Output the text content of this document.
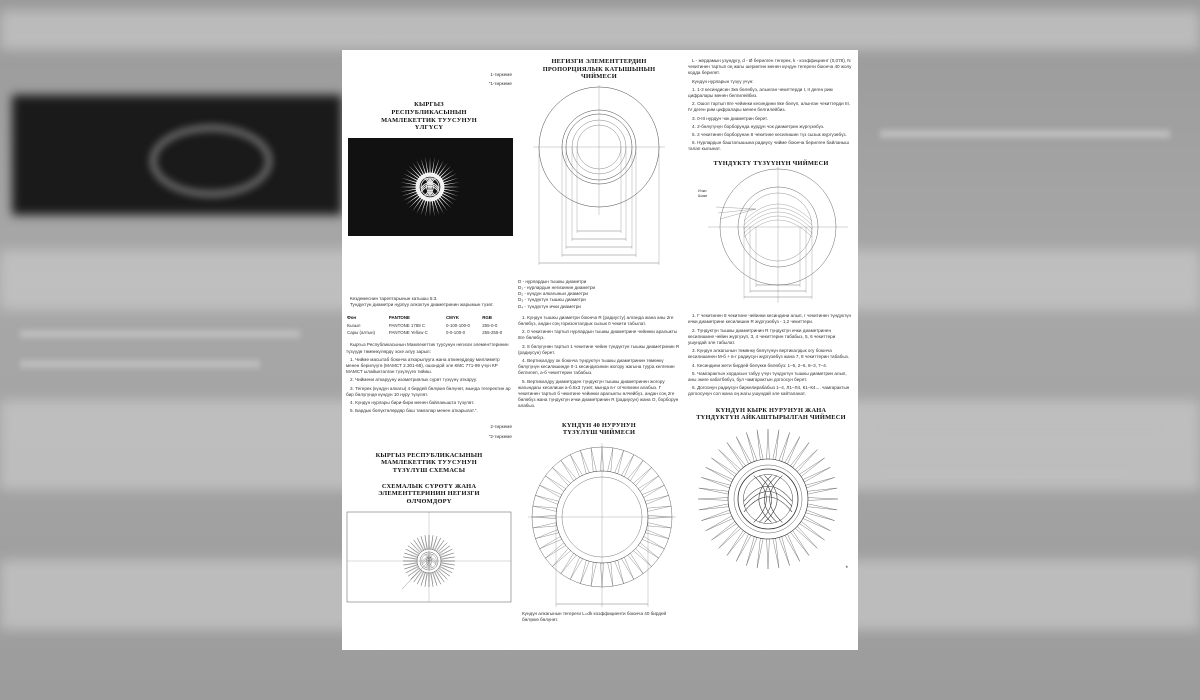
1-тиркеме
"1-тиркеме
КЫРГЫЗ РЕСПУБЛИКАСЫНЫН МАМЛЕКЕТТИК ТУУСУНУН ҮЛГҮСҮ
Кездемеснин тарептарынын катышы 5:3.
Тундуктун диаметри нурлуу алкоктун диаметринин жарымын түзөт.
Фон	PANTONE	CMYK	RGB
Кызыл	PANTONE 1788 C	0-100-100-0	255-0-0
Сары (алтын)	PANTONE Yellow C	0-0-100-0	255-255-0
Кыргыз Республикасынын Мамлекеттик туусунун негизги элементтеринин түзүүдө төмөнкүлөрдү эске алуу зарыл:
1. Чийме масштаб боюнча аткарылууга жана аткинеддеду миллиметр менен берилүүгө (МАМСТ 2.301-68), ошондой эле КМС 771-99 үчүн КР МАМСТ ылайыкталган түзүлүүгө тийиш.
2. Чиймени аткарууну изометриялык сүрөт түзүүнү аткаруу.
3. Тегерек (күндүн алкагы) 4 бирдей бөлүккө бөлүнөт, мында тегеректин ар бир бөлүгүндө күндүн 10 нуру түзүлөт.
4. Күндүн нурлары бири-бири менен байланышта түзүлөт.
5. Бардык бөлүктөлөрдөр баш тамгалар менен аткарылат.".
2-тиркеме
"2-тиркеме
КЫРГЫЗ РЕСПУБЛИКАСЫНЫН МАМЛЕКЕТТИК ТУУСУНУН ТҮЗҮЛҮШ СХЕМАСЫ
СХЕМАЛЫК СҮРӨТҮ ЖАНА ЭЛЕМЕНТТЕРИНИН НЕГИЗГИ ӨЛЧӨМДӨРҮ
НЕГИЗГИ ЭЛЕМЕНТТЕРДИН ПРОПОРЦИЯЛЫК КАТЫШЫНЫН ЧИЙМЕСИ
D - нурлардын тышкы диаметри
D₁ - нурлардын негизинин диаметри
D₂ - күндүн алкагынын диаметри
D₃ - түндүктүн тышкы диаметри
D₄ - түндүктүн ички диаметри
1. Күндүн тышкы диаметри боюнча R (радиусту) алганда жана аны 2ге бөлөбүз, андан соң горизонталдык сызык 0 чекити табылат.
2. 0 чекитинен тартып нурлардын тышкы диаметрине чейинки аралыкты 8ге бөлөбүз.
3. 8 бөлүгүнөн тартып 1 чекитине чейин түндүктүн тышкы диаметринин R (радиусун) берет.
4. Вертикалдуу ок боюнча түндүктүн тышкы диаметринин төмөнкү бөлүгүнүн кесилишинде 0-1 кесиндисинин жогору жагына туура келгенин белгилеп, а-б чекиттерин табабыз.
5. Вертикалдуу диаметрден түндүктүн тышкы диаметринен жогору жагындагы кесилиши а-б.5х3 түзөт, мында в-г отчелкини алабыз. Г чекитинен тартып б чекитине чейинки аралыкты өлчөйбүз, андан соң 2ге бөлөбүз жана түндүктүн ички диаметринин R (радиусун) жана О, борборун алабыз.
КҮНДҮН 40 НУРУНУН ТҮЗҮЛҮШ ЧИЙМЕСИ
Күндүн алкагынын тегереги L=dk коэффициенти боюнча 40 бирдей бөлүккө бөлүнөт.
L - жердамын узундугу, d - Ø берилген тегерек, k - коэффициент (0,078), N чекитинен тартып оң жагы шериктин менен күндүн тегереги боюнча 40 жолу кодда берилет.
Күндүн нурларын түзүү үчүн:
1. 1-2 кесиндисин 3кө бөлөбүз, алынган чекиттерди I, II деген рим цифралары менен белгилейбиз.
2. Ошол тартып 8ге чейинки кесиндини 8ке бөлүп, алынган чекиттерди III, IV деген рим цифралары менен белгилейбиз.
3. 0-III нурдун чок диаметрин берет.
4. 2-бөлүгүнүн борборунда нурдун чок диаметрин жүргүзөбүз.
5. 2 чекитинен борборунан 8 чекитине кесилишин түз сызык жүргүзөбүз.
6. Нурлардын башталышына радиусу чийме боюнча берилген байланыш талап кылынат.
ТҮНДҮКТҮ ТҮЗҮҮНҮН ЧИЙМЕСИ
Ички
Шаке
1. Г чекитинен 8 чекитине чейинки кесиндини алып, г чекитинен түндүктүн ички диаметрине кесилишин R жүргүзөбүз - 1,2 чекиттери.
2. Түндүктүн тышкы диаметринин R түндүктүн ички диаметринен кесилишине чейин жүргүзүп, 3, 4 чекиттерин табабыз, 5, 6 чекиттери ушундай эле табылат.
3. Күндүн алкагынын төмөнкү бөлүгүнүн вертикалдык огу боюнча кесилишинен М-б + в-г радиусун жүргүзөбүз жана 7, 8 чекиттерин табабыз.
4. Кесиндини жети бирдей бөлүккө бөлөбүз: 1–5, 2–6, 8–3, 7–4.
5. Чамгарактын хордасын табуу үчүн түндүктүн тышкы диаметрин алып, аны экиге кабатбөбүз, бул чамгарактын догоосун берет.
6. Догоонун радиусун биркелирабабыз 1–4, Л1–Л4, К1–К4.... чамгарактын догоосунун сол жана оң жагы ушундай эле кайталанат.
КҮНДҮН КЫРК НУРУНУН ЖАНА ТҮНДҮКТҮН АЙКАШТЫРЫЛГАН ЧИЙМЕСИ
*
